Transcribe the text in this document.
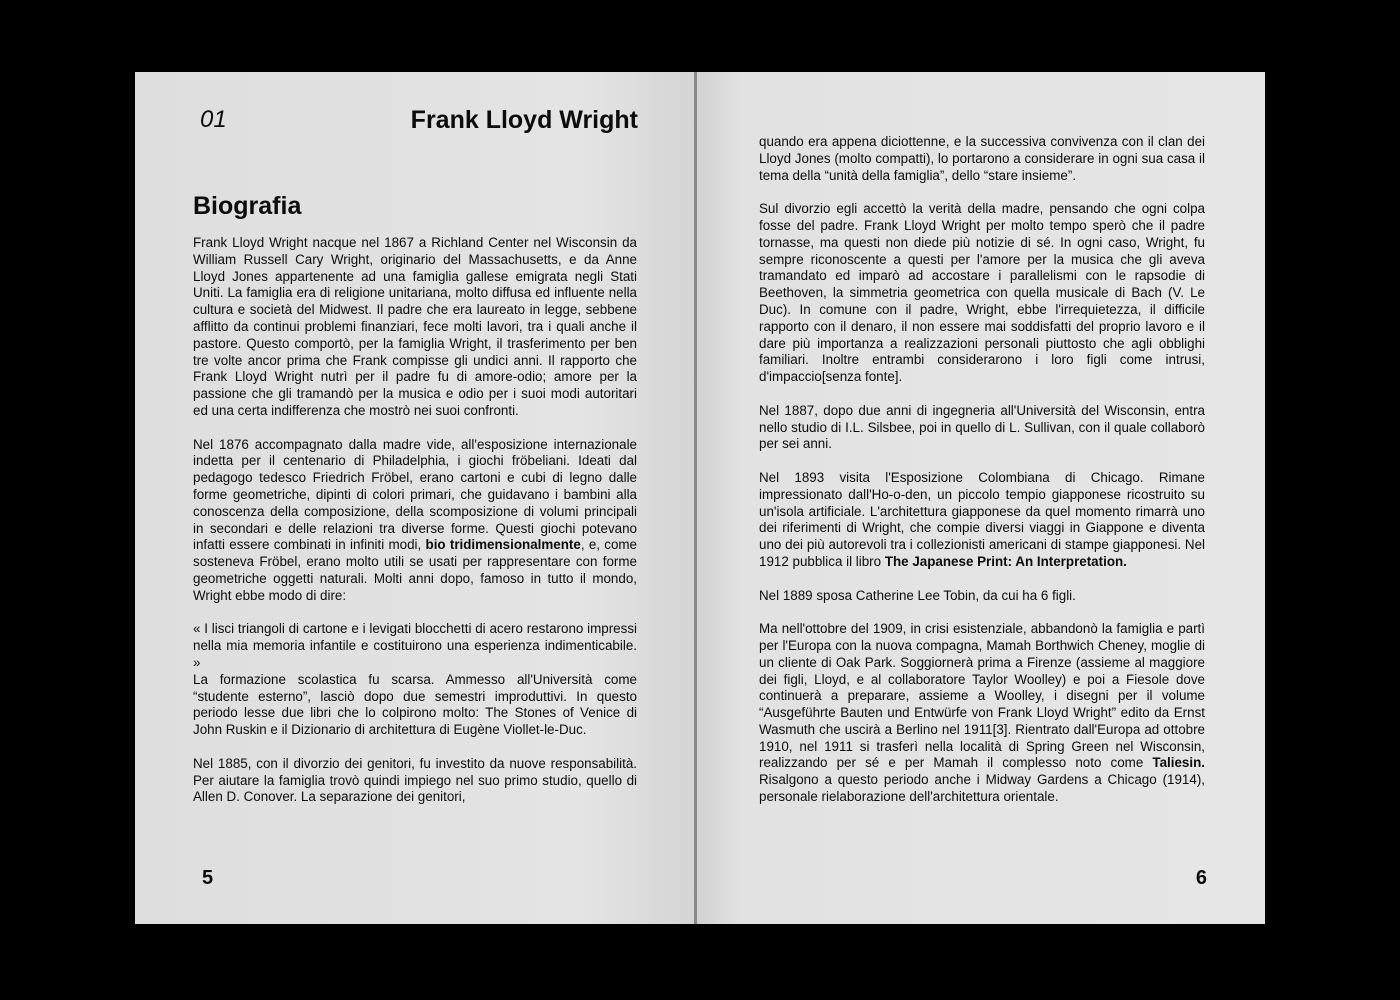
01	Frank Lloyd Wright
Biografia

Frank Lloyd Wright nacque nel 1867 a Richland Center nel Wisconsin da William Russell Cary Wright, originario del Massachusetts, e da Anne Lloyd Jones appartenente ad una famiglia gallese emigrata negli Stati Uniti. La famiglia era di religione unitariana, molto diffusa ed influente nella cultura e società del Midwest. Il padre che era laureato in legge, sebbene afflitto da continui problemi finanziari, fece molti lavori, tra i quali anche il pastore. Questo comportò, per la famiglia Wright, il trasferimento per ben tre volte ancor prima che Frank compisse gli undici anni. Il rapporto che Frank Lloyd Wright nutrì per il padre fu di amore-odio; amore per la passione che gli tramandò per la musica e odio per i suoi modi autoritari ed una certa indifferenza che mostrò nei suoi confronti.

Nel 1876 accompagnato dalla madre vide, all'esposizione internazionale indetta per il centenario di Philadelphia, i giochi fröbeliani. Ideati dal pedagogo tedesco Friedrich Fröbel, erano cartoni e cubi di legno dalle forme geometriche, dipinti di colori primari, che guidavano i bambini alla conoscenza della composizione, della scomposizione di volumi principali in secondari e delle relazioni tra diverse forme. Questi giochi potevano infatti essere combinati in infiniti modi, bio tridimensionalmente, e, come sosteneva Fröbel, erano molto utili se usati per rappresentare con forme geometriche oggetti naturali. Molti anni dopo, famoso in tutto il mondo, Wright ebbe modo di dire:

« I lisci triangoli di cartone e i levigati blocchetti di acero restarono impressi nella mia memoria infantile e costituirono una esperienza indimenticabile. »

La formazione scolastica fu scarsa. Ammesso all'Università come “studente esterno”, lasciò dopo due semestri improduttivi. In questo periodo lesse due libri che lo colpirono molto: The Stones of Venice di John Ruskin e il Dizionario di architettura di Eugène Viollet-le-Duc.

Nel 1885, con il divorzio dei genitori, fu investito da nuove responsabilità. Per aiutare la famiglia trovò quindi impiego nel suo primo studio, quello di Allen D. Conover. La separazione dei genitori,

5

quando era appena diciottenne, e la successiva convivenza con il clan dei Lloyd Jones (molto compatti), lo portarono a considerare in ogni sua casa il tema della “unità della famiglia”, dello “stare insieme”.

Sul divorzio egli accettò la verità della madre, pensando che ogni colpa fosse del padre. Frank Lloyd Wright per molto tempo sperò che il padre tornasse, ma questi non diede più notizie di sé. In ogni caso, Wright, fu sempre riconoscente a questi per l'amore per la musica che gli aveva tramandato ed imparò ad accostare i parallelismi con le rapsodie di Beethoven, la simmetria geometrica con quella musicale di Bach (V. Le Duc). In comune con il padre, Wright, ebbe l'irrequietezza, il difficile rapporto con il denaro, il non essere mai soddisfatti del proprio lavoro e il dare più importanza a realizzazioni personali piuttosto che agli obblighi familiari. Inoltre entrambi considerarono i loro figli come intrusi, d'impaccio[senza fonte].

Nel 1887, dopo due anni di ingegneria all'Università del Wisconsin, entra nello studio di I.L. Silsbee, poi in quello di L. Sullivan, con il quale collaborò per sei anni.

Nel 1893 visita l'Esposizione Colombiana di Chicago. Rimane impressionato dall'Ho-o-den, un piccolo tempio giapponese ricostruito su un'isola artificiale. L'architettura giapponese da quel momento rimarrà uno dei riferimenti di Wright, che compie diversi viaggi in Giappone e diventa uno dei più autorevoli tra i collezionisti americani di stampe giapponesi. Nel 1912 pubblica il libro The Japanese Print: An Interpretation.

Nel 1889 sposa Catherine Lee Tobin, da cui ha 6 figli.

Ma nell'ottobre del 1909, in crisi esistenziale, abbandonò la famiglia e partì per l'Europa con la nuova compagna, Mamah Borthwich Cheney, moglie di un cliente di Oak Park. Soggiornerà prima a Firenze (assieme al maggiore dei figli, Lloyd, e al collaboratore Taylor Woolley) e poi a Fiesole dove continuerà a preparare, assieme a Woolley, i disegni per il volume “Ausgeführte Bauten und Entwürfe von Frank Lloyd Wright” edito da Ernst Wasmuth che uscirà a Berlino nel 1911[3]. Rientrato dall'Europa ad ottobre 1910, nel 1911 si trasferì nella località di Spring Green nel Wisconsin, realizzando per sé e per Mamah il complesso noto come Taliesin. Risalgono a questo periodo anche i Midway Gardens a Chicago (1914), personale rielaborazione dell'architettura orientale.

6
